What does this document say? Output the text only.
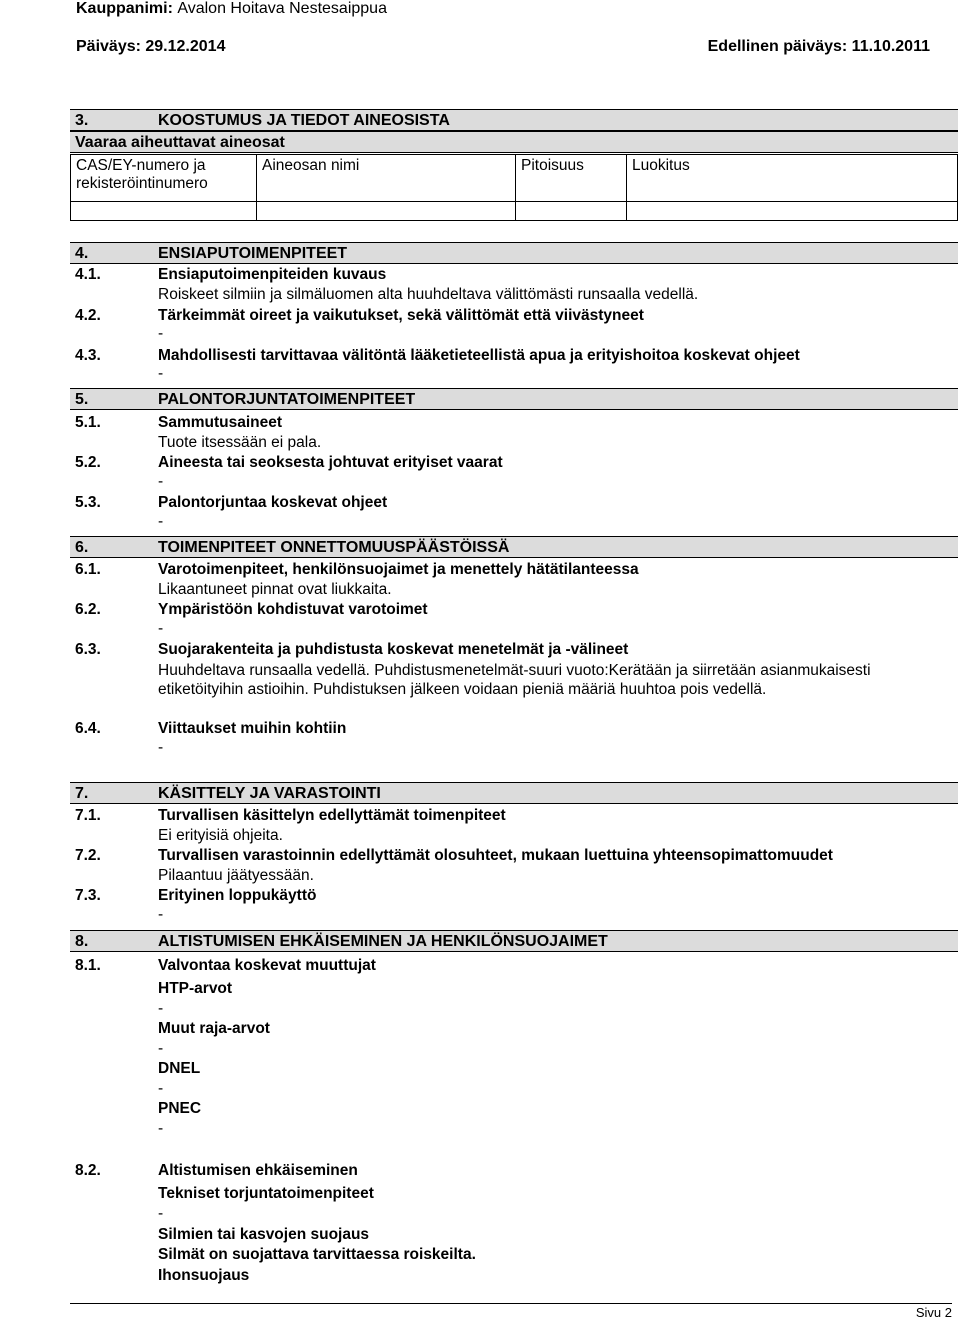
Kauppanimi: Avalon Hoitava Nestesaippua
Päiväys: 29.12.2014	Edellinen päiväys: 11.10.2011
3.	KOOSTUMUS JA TIEDOT AINEOSISTA
Vaaraa aiheuttavat aineosat
CAS/EY-numero ja rekisteröintinumero	Aineosan nimi	Pitoisuus	Luokitus

4.	ENSIAPUTOIMENPITEET
4.1.	Ensiaputoimenpiteiden kuvaus
Roiskeet silmiin ja silmäluomen alta huuhdeltava välittömästi runsaalla vedellä.
4.2.	Tärkeimmät oireet ja vaikutukset, sekä välittömät että viivästyneet
-
4.3.	Mahdollisesti tarvittavaa välitöntä lääketieteellistä apua ja erityishoitoa koskevat ohjeet
-
5.	PALONTORJUNTATOIMENPITEET
5.1.	Sammutusaineet
Tuote itsessään ei pala.
5.2.	Aineesta tai seoksesta johtuvat erityiset vaarat
-
5.3.	Palontorjuntaa koskevat ohjeet
-
6.	TOIMENPITEET ONNETTOMUUSPÄÄSTÖISSÄ
6.1.	Varotoimenpiteet, henkilönsuojaimet ja menettely hätätilanteessa
Likaantuneet pinnat ovat liukkaita.
6.2.	Ympäristöön kohdistuvat varotoimet
-
6.3.	Suojarakenteita ja puhdistusta koskevat menetelmät ja -välineet
Huuhdeltava runsaalla vedellä. Puhdistusmenetelmät-suuri vuoto:Kerätään ja siirretään asianmukaisesti etiketöityihin astioihin. Puhdistuksen jälkeen voidaan pieniä määriä huuhtoa pois vedellä.
6.4.	Viittaukset muihin kohtiin
-
7.	KÄSITTELY JA VARASTOINTI
7.1.	Turvallisen käsittelyn edellyttämät toimenpiteet
Ei erityisiä ohjeita.
7.2.	Turvallisen varastoinnin edellyttämät olosuhteet, mukaan luettuina yhteensopimattomuudet
Pilaantuu jäätyessään.
7.3.	Erityinen loppukäyttö
-
8.	ALTISTUMISEN EHKÄISEMINEN JA HENKILÖNSUOJAIMET
8.1.	Valvontaa koskevat muuttujat
HTP-arvot
-
Muut raja-arvot
-
DNEL
-
PNEC
-
8.2.	Altistumisen ehkäiseminen
Tekniset torjuntatoimenpiteet
-
Silmien tai kasvojen suojaus
Silmät on suojattava tarvittaessa roiskeilta.
Ihonsuojaus
Sivu 2
